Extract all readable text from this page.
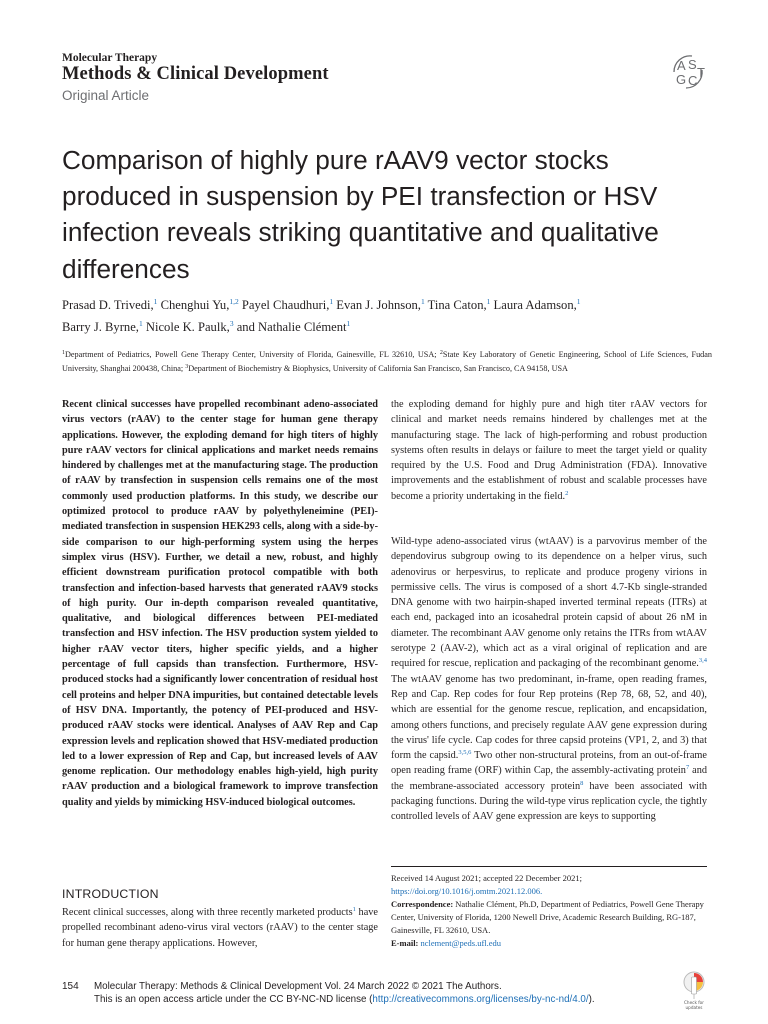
Molecular Therapy
Methods & Clinical Development
Original Article
A S
G C
T
Comparison of highly pure rAAV9 vector stocks produced in suspension by PEI transfection or HSV infection reveals striking quantitative and qualitative differences
Prasad D. Trivedi,$^1$ Chenghui Yu,$^{1,2}$ Payel Chaudhuri,$^1$ Evan J. Johnson,$^1$ Tina Caton,$^1$ Laura Adamson,$^1$
Barry J. Byrne,$^1$ Nicole K. Paulk,$^3$ and Nathalie Clément$^1$
$^1$Department of Pediatrics, Powell Gene Therapy Center, University of Florida, Gainesville, FL 32610, USA; $^2$State Key Laboratory of Genetic Engineering, School of Life Sciences, Fudan University, Shanghai 200438, China; $^3$Department of Biochemistry & Biophysics, University of California San Francisco, San Francisco, CA 94158, USA

Recent clinical successes have propelled recombinant adeno-associated virus vectors (rAAV) to the center stage for human gene therapy applications. However, the exploding demand for high titers of highly pure rAAV vectors for clinical applications and market needs remains hindered by challenges met at the manufacturing stage. The production of rAAV by transfection in suspension cells remains one of the most commonly used production platforms. In this study, we describe our optimized protocol to produce rAAV by polyethyleneimine (PEI)-mediated transfection in suspension HEK293 cells, along with a side-by-side comparison to our high-performing system using the herpes simplex virus (HSV). Further, we detail a new, robust, and highly efficient downstream purification protocol compatible with both transfection and infection-based harvests that generated rAAV9 stocks of high purity. Our in-depth comparison revealed quantitative, qualitative, and biological differences between PEI-mediated transfection and HSV infection. The HSV production system yielded to higher rAAV vector titers, higher specific yields, and a higher percentage of full capsids than transfection. Furthermore, HSV-produced stocks had a significantly lower concentration of residual host cell proteins and helper DNA impurities, but contained detectable levels of HSV DNA. Importantly, the potency of PEI-produced and HSV-produced rAAV stocks were identical. Analyses of AAV Rep and Cap expression levels and replication showed that HSV-mediated production led to a lower expression of Rep and Cap, but increased levels of AAV genome replication. Our methodology enables high-yield, high purity rAAV production and a biological framework to improve transfection quality and yields by mimicking HSV-induced biological outcomes.

INTRODUCTION

Recent clinical successes, along with three recently marketed products$^1$ have propelled recombinant adeno-virus viral vectors (rAAV) to the center stage for human gene therapy applications. However,

the exploding demand for highly pure and high titer rAAV vectors for clinical and market needs remains hindered by challenges met at the manufacturing stage. The lack of high-performing and robust production systems often results in delays or failure to meet the target yield or quality required by the U.S. Food and Drug Administration (FDA). Innovative improvements and the establishment of robust and scalable processes have become a priority undertaking in the field.$^2$

Wild-type adeno-associated virus (wtAAV) is a parvovirus member of the dependovirus subgroup owing to its dependence on a helper virus, such adenovirus or herpesvirus, to replicate and produce progeny virions in permissive cells. The virus is composed of a short 4.7-Kb single-stranded DNA genome with two hairpin-shaped inverted terminal repeats (ITRs) at each end, packaged into an icosahedral protein capsid of about 26 nM in diameter. The recombinant AAV genome only retains the ITRs from wtAAV serotype 2 (AAV-2), which act as a viral original of replication and are required for rescue, replication and packaging of the recombinant genome.$^{3,4}$ The wtAAV genome has two predominant, in-frame, open reading frames, Rep and Cap. Rep codes for four Rep proteins (Rep 78, 68, 52, and 40), which are essential for the genome rescue, replication, and encapsidation, among others functions, and precisely regulate AAV gene expression during the virus' life cycle. Cap codes for three capsid proteins (VP1, 2, and 3) that form the capsid.$^{3,5,6}$ Two other non-structural proteins, from an out-of-frame open reading frame (ORF) within Cap, the assembly-activating protein$^7$ and the membrane-associated accessory protein$^8$ have been associated with packaging functions. During the wild-type virus replication cycle, the tightly controlled levels of AAV gene expression are keys to supporting

Received 14 August 2021; accepted 22 December 2021;
https://doi.org/10.1016/j.omtm.2021.12.006.
Correspondence: Nathalie Clément, Ph.D, Department of Pediatrics, Powell Gene Therapy Center, University of Florida, 1200 Newell Drive, Academic Research Building, RG-187, Gainesville, FL 32610, USA.
E-mail: nclement@peds.ufl.edu
154 Molecular Therapy: Methods & Clinical Development Vol. 24 March 2022 © 2021 The Authors.
This is an open access article under the CC BY-NC-ND license (http://creativecommons.org/licenses/by-nc-nd/4.0/).	Check for updates
